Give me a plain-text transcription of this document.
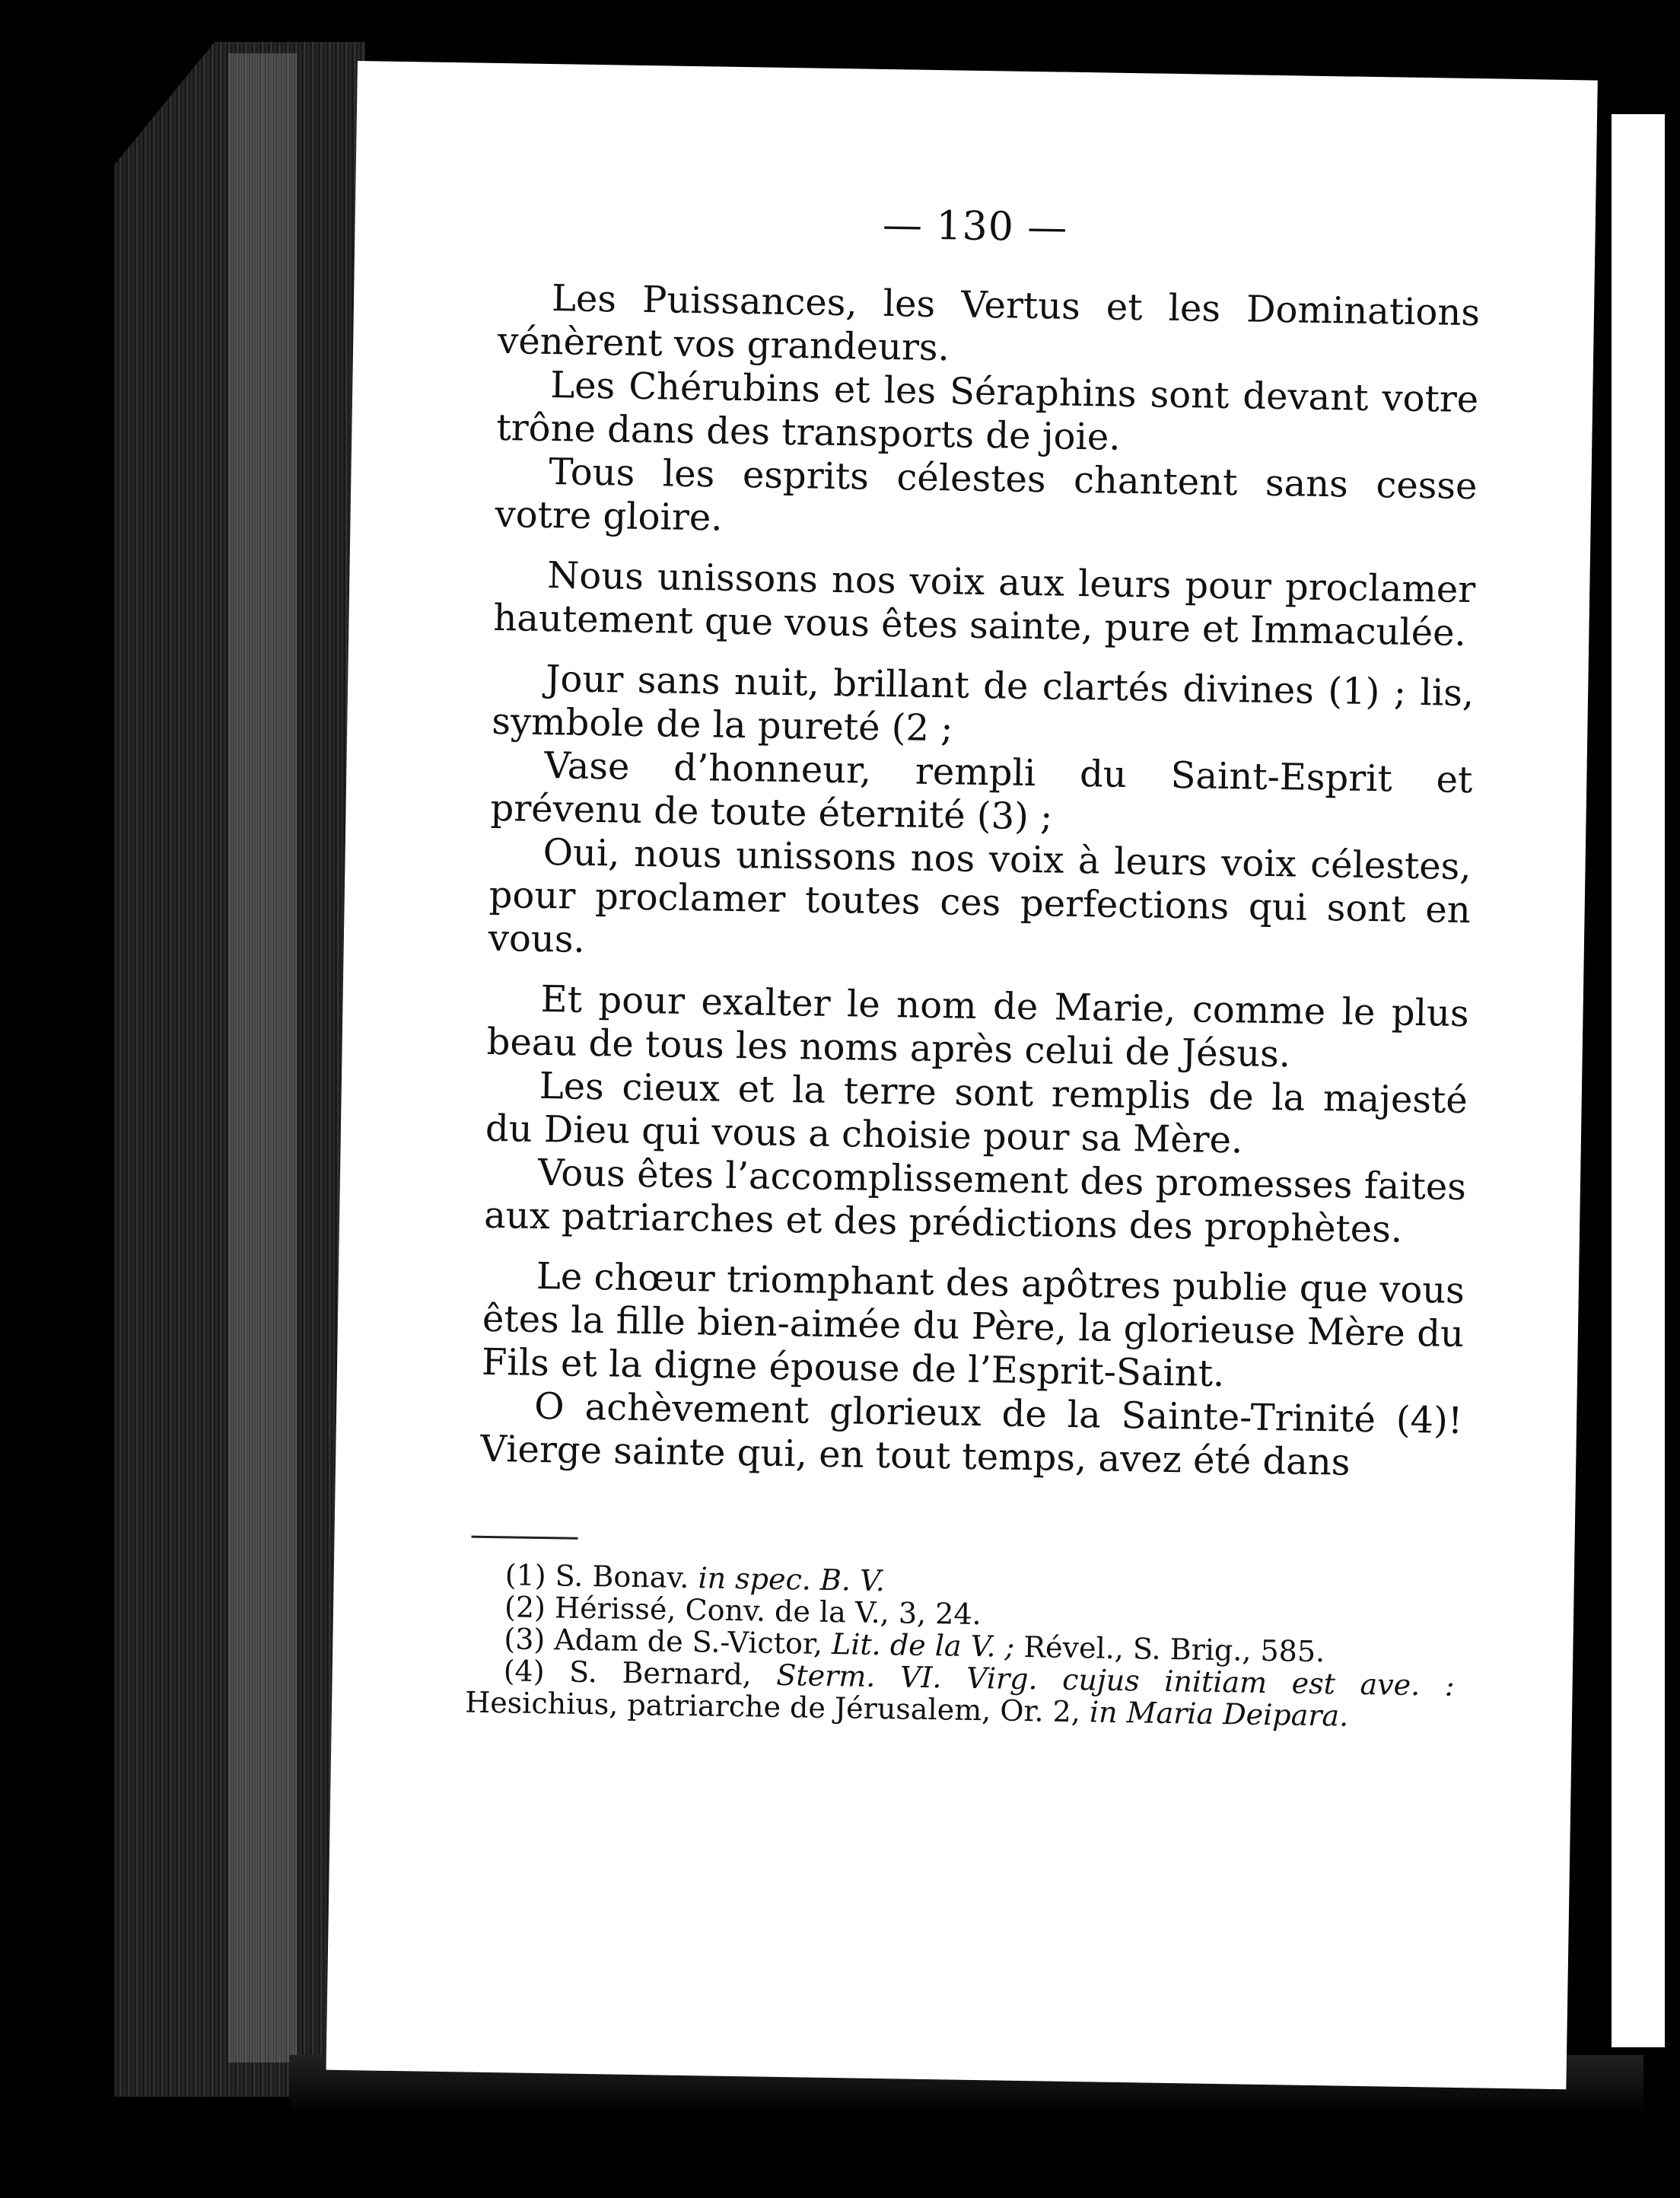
— 130 —

Les Puissances, les Vertus et les Dominations vénèrent vos grandeurs.

Les Chérubins et les Séraphins sont devant votre trône dans des transports de joie.

Tous les esprits célestes chantent sans cesse votre gloire.

Nous unissons nos voix aux leurs pour proclamer hautement que vous êtes sainte, pure et Immaculée.

Jour sans nuit, brillant de clartés divines (1) ; lis, symbole de la pureté (2 ;

Vase d’honneur, rempli du Saint-Esprit et prévenu de toute éternité (3) ;

Oui, nous unissons nos voix à leurs voix célestes, pour proclamer toutes ces perfections qui sont en vous.

Et pour exalter le nom de Marie, comme le plus beau de tous les noms après celui de Jésus.

Les cieux et la terre sont remplis de la majesté du Dieu qui vous a choisie pour sa Mère.

Vous êtes l’accomplissement des promesses faites aux patriarches et des prédictions des prophètes.

Le chœur triomphant des apôtres publie que vous êtes la fille bien-aimée du Père, la glorieuse Mère du Fils et la digne épouse de l’Esprit-Saint.

O achèvement glorieux de la Sainte-Trinité (4)! Vierge sainte qui, en tout temps, avez été dans

(1) S. Bonav. in spec. B. V.

(2) Hérissé, Conv. de la V., 3, 24.

(3) Adam de S.-Victor, Lit. de la V. ; Rével., S. Brig., 585.

(4) S. Bernard, Sterm. VI. Virg. cujus initiam est ave. : Hesichius, patriarche de Jérusalem, Or. 2, in Maria Deipara.
